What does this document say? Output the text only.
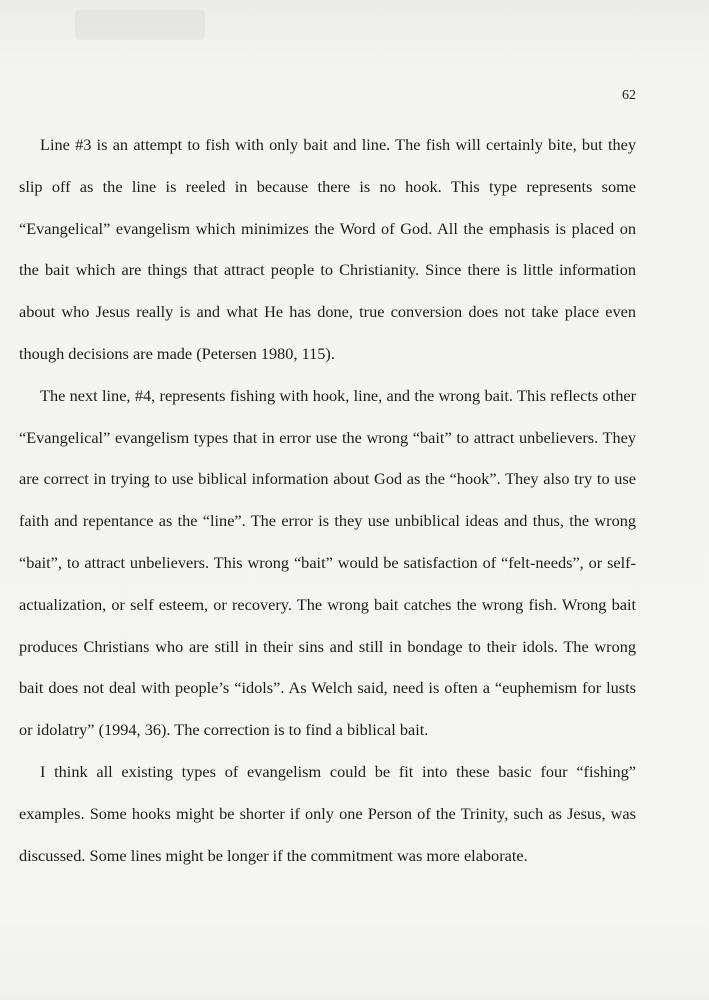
62

Line #3 is an attempt to fish with only bait and line. The fish will certainly bite, but they slip off as the line is reeled in because there is no hook. This type represents some “Evangelical” evangelism which minimizes the Word of God. All the emphasis is placed on the bait which are things that attract people to Christianity. Since there is little information about who Jesus really is and what He has done, true conversion does not take place even though decisions are made (Petersen 1980, 115).

The next line, #4, represents fishing with hook, line, and the wrong bait. This reflects other “Evangelical” evangelism types that in error use the wrong “bait” to attract unbelievers. They are correct in trying to use biblical information about God as the “hook”. They also try to use faith and repentance as the “line”. The error is they use unbiblical ideas and thus, the wrong “bait”, to attract unbelievers. This wrong “bait” would be satisfaction of “felt-needs”, or self-actualization, or self esteem, or recovery. The wrong bait catches the wrong fish. Wrong bait produces Christians who are still in their sins and still in bondage to their idols. The wrong bait does not deal with people’s “idols”. As Welch said, need is often a “euphemism for lusts or idolatry” (1994, 36). The correction is to find a biblical bait.

I think all existing types of evangelism could be fit into these basic four “fishing” examples. Some hooks might be shorter if only one Person of the Trinity, such as Jesus, was discussed. Some lines might be longer if the commitment was more elaborate.
